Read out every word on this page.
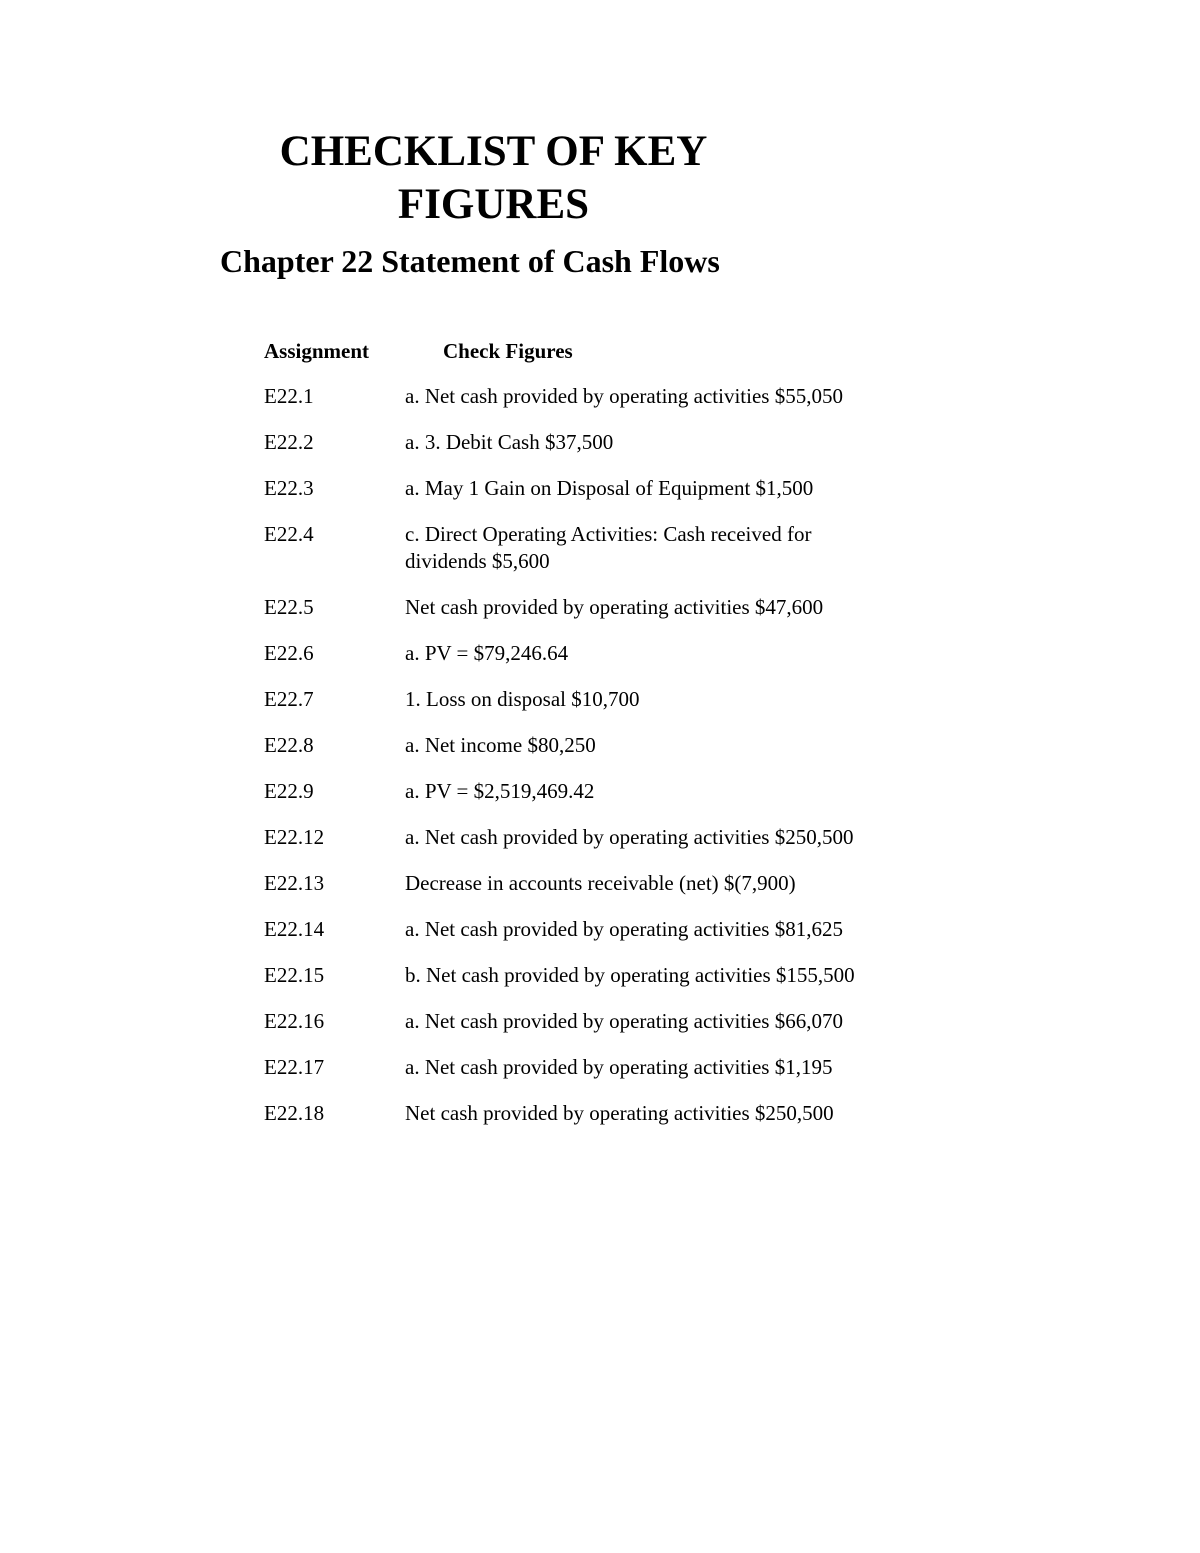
CHECKLIST OF KEY
FIGURES
Chapter 22 Statement of Cash Flows
Assignment	Check Figures
E22.1	a. Net cash provided by operating activities $55,050
E22.2	a. 3. Debit Cash $37,500
E22.3	a. May 1 Gain on Disposal of Equipment $1,500
E22.4	c. Direct Operating Activities: Cash received for dividends $5,600
E22.5	Net cash provided by operating activities $47,600
E22.6	a. PV = $79,246.64
E22.7	1. Loss on disposal $10,700
E22.8	a. Net income $80,250
E22.9	a. PV = $2,519,469.42
E22.12	a. Net cash provided by operating activities $250,500
E22.13	Decrease in accounts receivable (net) $(7,900)
E22.14	a. Net cash provided by operating activities $81,625
E22.15	b. Net cash provided by operating activities $155,500
E22.16	a. Net cash provided by operating activities $66,070
E22.17	a. Net cash provided by operating activities $1,195
E22.18	Net cash provided by operating activities $250,500
